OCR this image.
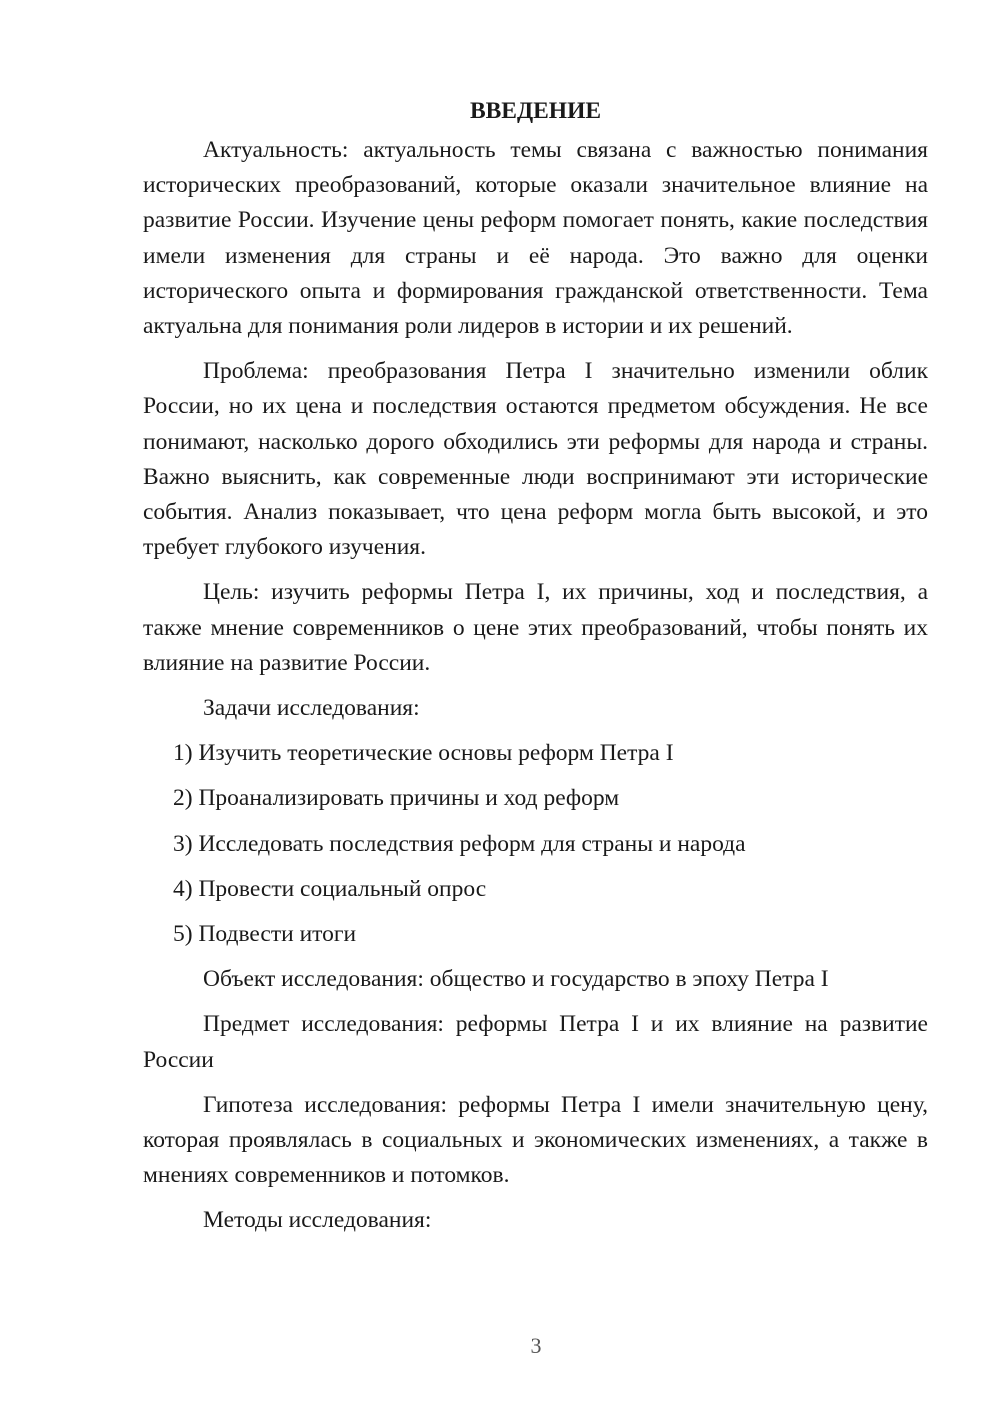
ВВЕДЕНИЕ

Актуальность: актуальность темы связана с важностью понимания исторических преобразований, которые оказали значительное влияние на развитие России. Изучение цены реформ помогает понять, какие последствия имели изменения для страны и её народа. Это важно для оценки исторического опыта и формирования гражданской ответственности. Тема актуальна для понимания роли лидеров в истории и их решений.

Проблема: преобразования Петра I значительно изменили облик России, но их цена и последствия остаются предметом обсуждения. Не все понимают, насколько дорого обходились эти реформы для народа и страны. Важно выяснить, как современные люди воспринимают эти исторические события. Анализ показывает, что цена реформ могла быть высокой, и это требует глубокого изучения.

Цель: изучить реформы Петра I, их причины, ход и последствия, а также мнение современников о цене этих преобразований, чтобы понять их влияние на развитие России.

Задачи исследования:

1) Изучить теоретические основы реформ Петра I
2) Проанализировать причины и ход реформ
3) Исследовать последствия реформ для страны и народа
4) Провести социальный опрос
5) Подвести итоги

Объект исследования: общество и государство в эпоху Петра I

Предмет исследования: реформы Петра I и их влияние на развитие России

Гипотеза исследования: реформы Петра I имели значительную цену, которая проявлялась в социальных и экономических изменениях, а также в мнениях современников и потомков.

Методы исследования:

3
